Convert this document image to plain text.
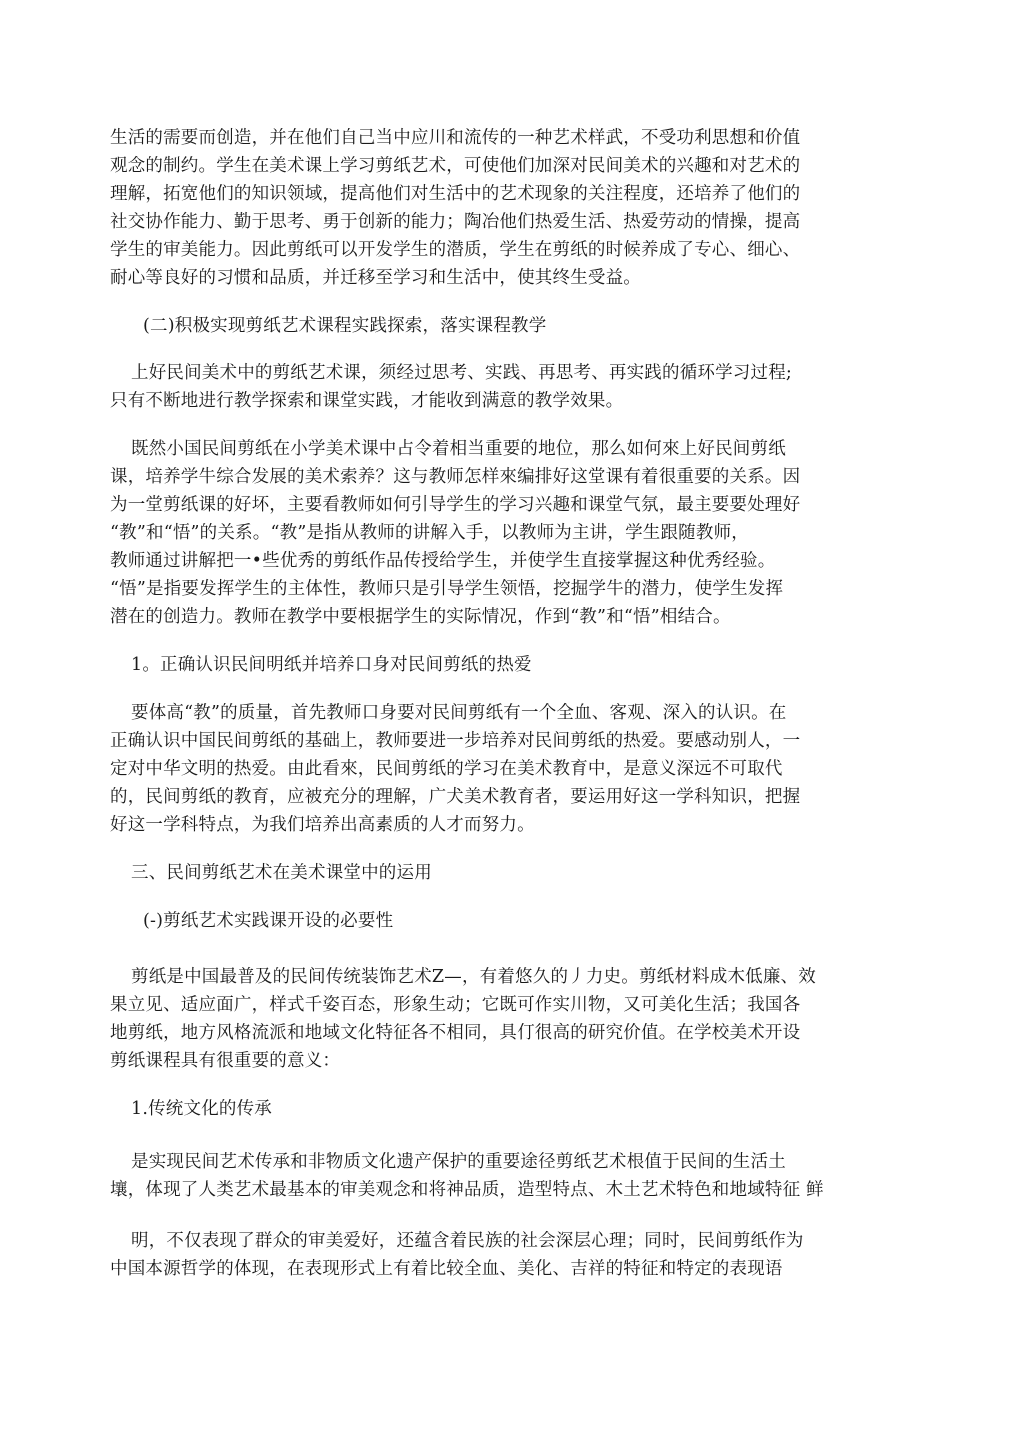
生活的需要而创造，并在他们自己当中应川和流传的一种艺术样武，不受功利思想和价值
观念的制约。学生在美术课上学习剪纸艺术，可使他们加深对民间美术的兴趣和对艺术的
理解，拓宽他们的知识领域，提高他们对生活中的艺术现象的关注程度，还培养了他们的
社交协作能力、勤于思考、勇于创新的能力；陶冶他们热爱生活、热爱劳动的情操，提高
学生的审美能力。因此剪纸可以开发学生的潜质，学生在剪纸的时候养成了专心、细心、
耐心等良好的习惯和品质，并迁移至学习和生活中，使其终生受益。
(二)积极实现剪纸艺术课程实践探索，落实课程教学
上好民间美术中的剪纸艺术课，须经过思考、实践、再思考、再实践的循环学习过程;
只有不断地进行教学探索和课堂实践，才能收到满意的教学效果。
既然小国民间剪纸在小学美术课中占令着相当重要的地位，那么如何來上好民间剪纸
课，培养学牛综合发展的美术索养？这与教师怎样來编排好这堂课有着很重要的关系。因
为一堂剪纸课的好坏，主要看教师如何引导学生的学习兴趣和课堂气氛，最主要要处理好
“教”和“悟”的关系。“教”是指从教师的讲解入手，以教师为主讲，学生跟随教师，
教师通过讲解把一•些优秀的剪纸作品传授给学生，并使学生直接掌握这种优秀经验。
“悟”是指要发挥学生的主体性，教师只是引导学生领悟，挖掘学牛的潜力，使学生发挥
潜在的创造力。教师在教学中要根据学生的实际情况，作到“教”和“悟”相结合。
1。正确认识民间明纸并培养口身对民间剪纸的热爱
要体高“教”的质量，首先教师口身要对民间剪纸有一个全血、客观、深入的认识。在
正确认识中国民间剪纸的基础上，教师要进一步培养对民间剪纸的热爱。要感动别人，一
定对中华文明的热爱。由此看來，民间剪纸的学习在美术教育中，是意义深远不可取代
的，民间剪纸的教育，应被充分的理解，广犬美术教育者，要运用好这一学科知识，把握
好这一学科特点，为我们培养出高素质的人才而努力。
三、民间剪纸艺术在美术课堂中的运用
(-)剪纸艺术实践课开设的必要性
剪纸是中国最普及的民间传统装饰艺术Z—，有着悠久的丿力史。剪纸材料成木低廉、效
果立见、适应面广，样式千姿百态，形象生动；它既可作实川物，又可美化生活；我国各
地剪纸，地方风格流派和地域文化特征各不相同，具仃很高的研究价值。在学校美术开设
剪纸课程具有很重要的意义：
1.传统文化的传承
是实现民间艺术传承和非物质文化遗产保护的重要途径剪纸艺术根值于民间的生活土
壤，体现了人类艺术最基本的审美观念和将神品质，造型特点、木土艺术特色和地域特征 鲜
明，不仅表现了群众的审美爱好，还蕴含着民族的社会深层心理；同时，民间剪纸作为
中国本源哲学的体现，在表现形式上有着比较全血、美化、吉祥的特征和特定的表现语
